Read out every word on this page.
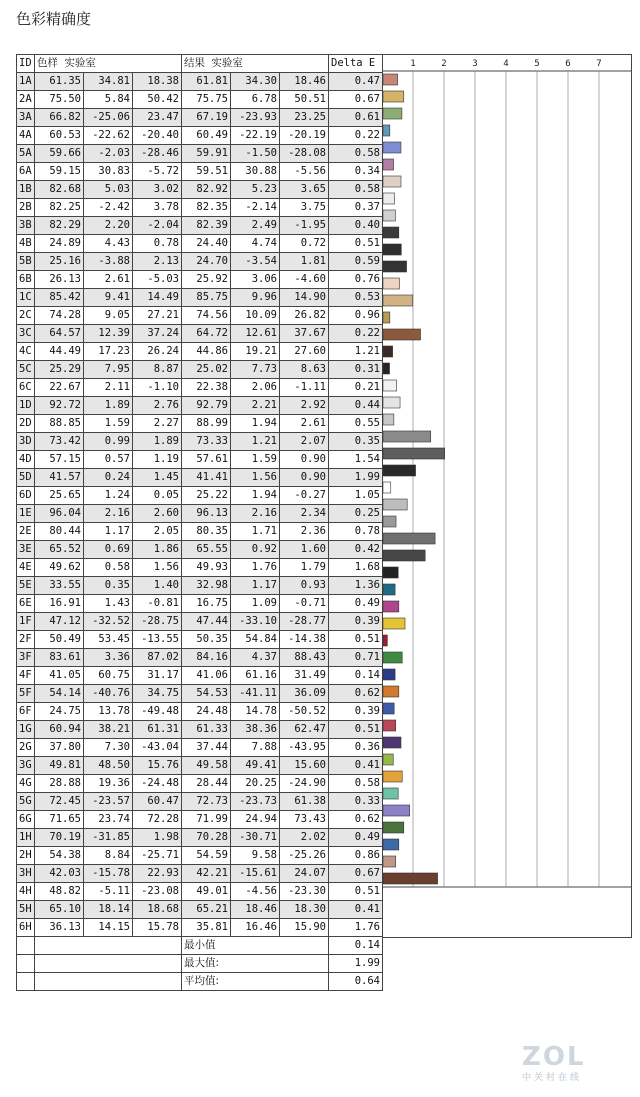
色彩精确度
ID	色样 实验室			结果 实验室			Delta E
1A	61.35	34.81	18.38	61.81	34.30	18.46	0.47
2A	75.50	5.84	50.42	75.75	6.78	50.51	0.67
3A	66.82	-25.06	23.47	67.19	-23.93	23.25	0.61
4A	60.53	-22.62	-20.40	60.49	-22.19	-20.19	0.22
5A	59.66	-2.03	-28.46	59.91	-1.50	-28.08	0.58
6A	59.15	30.83	-5.72	59.51	30.88	-5.56	0.34
1B	82.68	5.03	3.02	82.92	5.23	3.65	0.58
2B	82.25	-2.42	3.78	82.35	-2.14	3.75	0.37
3B	82.29	2.20	-2.04	82.39	2.49	-1.95	0.40
4B	24.89	4.43	0.78	24.40	4.74	0.72	0.51
5B	25.16	-3.88	2.13	24.70	-3.54	1.81	0.59
6B	26.13	2.61	-5.03	25.92	3.06	-4.60	0.76
1C	85.42	9.41	14.49	85.75	9.96	14.90	0.53
2C	74.28	9.05	27.21	74.56	10.09	26.82	0.96
3C	64.57	12.39	37.24	64.72	12.61	37.67	0.22
4C	44.49	17.23	26.24	44.86	19.21	27.60	1.21
5C	25.29	7.95	8.87	25.02	7.73	8.63	0.31
6C	22.67	2.11	-1.10	22.38	2.06	-1.11	0.21
1D	92.72	1.89	2.76	92.79	2.21	2.92	0.44
2D	88.85	1.59	2.27	88.99	1.94	2.61	0.55
3D	73.42	0.99	1.89	73.33	1.21	2.07	0.35
4D	57.15	0.57	1.19	57.61	1.59	0.90	1.54
5D	41.57	0.24	1.45	41.41	1.56	0.90	1.99
6D	25.65	1.24	0.05	25.22	1.94	-0.27	1.05
1E	96.04	2.16	2.60	96.13	2.16	2.34	0.25
2E	80.44	1.17	2.05	80.35	1.71	2.36	0.78
3E	65.52	0.69	1.86	65.55	0.92	1.60	0.42
4E	49.62	0.58	1.56	49.93	1.76	1.79	1.68
5E	33.55	0.35	1.40	32.98	1.17	0.93	1.36
6E	16.91	1.43	-0.81	16.75	1.09	-0.71	0.49
1F	47.12	-32.52	-28.75	47.44	-33.10	-28.77	0.39
2F	50.49	53.45	-13.55	50.35	54.84	-14.38	0.51
3F	83.61	3.36	87.02	84.16	4.37	88.43	0.71
4F	41.05	60.75	31.17	41.06	61.16	31.49	0.14
5F	54.14	-40.76	34.75	54.53	-41.11	36.09	0.62
6F	24.75	13.78	-49.48	24.48	14.78	-50.52	0.39
1G	60.94	38.21	61.31	61.33	38.36	62.47	0.51
2G	37.80	7.30	-43.04	37.44	7.88	-43.95	0.36
3G	49.81	48.50	15.76	49.58	49.41	15.60	0.41
4G	28.88	19.36	-24.48	28.44	20.25	-24.90	0.58
5G	72.45	-23.57	60.47	72.73	-23.73	61.38	0.33
6G	71.65	23.74	72.28	71.99	24.94	73.43	0.62
1H	70.19	-31.85	1.98	70.28	-30.71	2.02	0.49
2H	54.38	8.84	-25.71	54.59	9.58	-25.26	0.86
3H	42.03	-15.78	22.93	42.21	-15.61	24.07	0.67
4H	48.82	-5.11	-23.08	49.01	-4.56	-23.30	0.51
5H	65.10	18.14	18.68	65.21	18.46	18.30	0.41
6H	36.13	14.15	15.78	35.81	16.46	15.90	1.76
				最小值			0.14
				最大值:			1.99
				平均值:			0.64
1	2	3	4	5	6	7
ZOL
中关村在线
